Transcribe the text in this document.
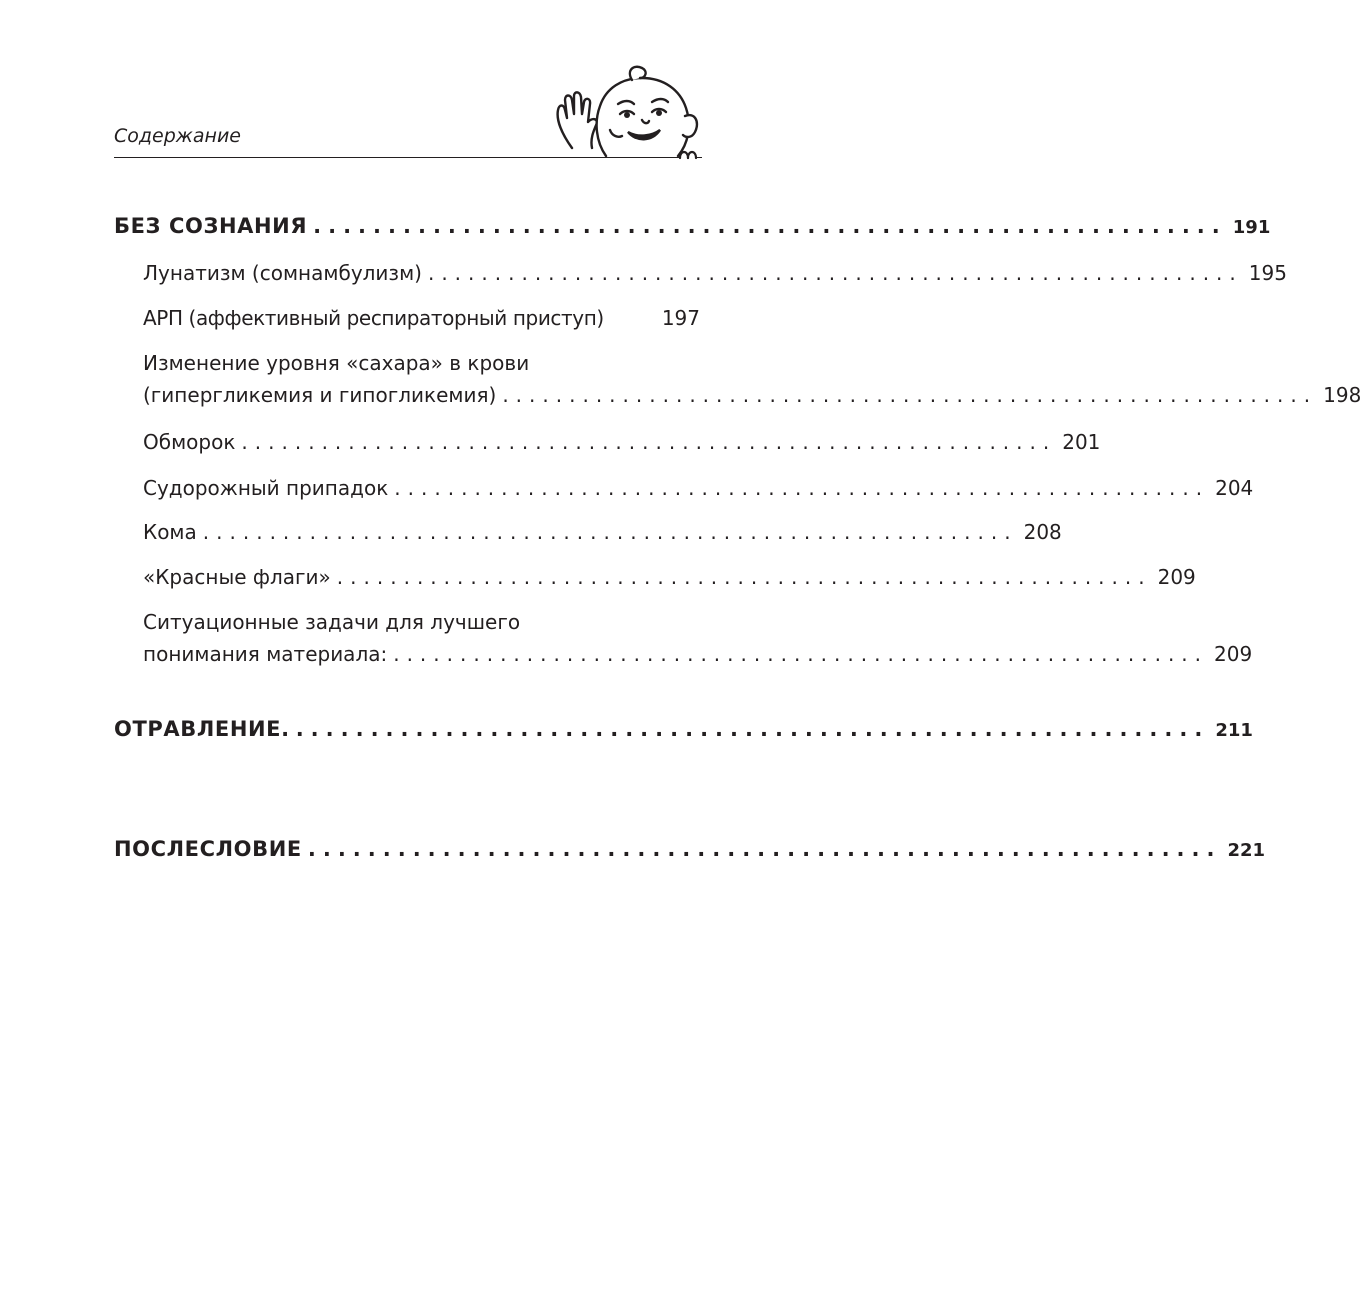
Содержание
БЕЗ СОЗНАНИЯ ............................................................. 191
Лунатизм (сомнамбулизм) ............................................................. 195
АРП (аффективный респираторный приступ)	197
Изменение уровня «сахара» в крови
(гипергликемия и гипогликемия) ............................................................. 198
Обморок ............................................................. 201
Судорожный припадок ............................................................. 204
Кома ............................................................. 208
«Красные флаги» ............................................................. 209
Ситуационные задачи для лучшего
понимания материала: ............................................................. 209
ОТРАВЛЕНИЕ. ............................................................. 211
ПОСЛЕСЛОВИЕ ............................................................. 221
